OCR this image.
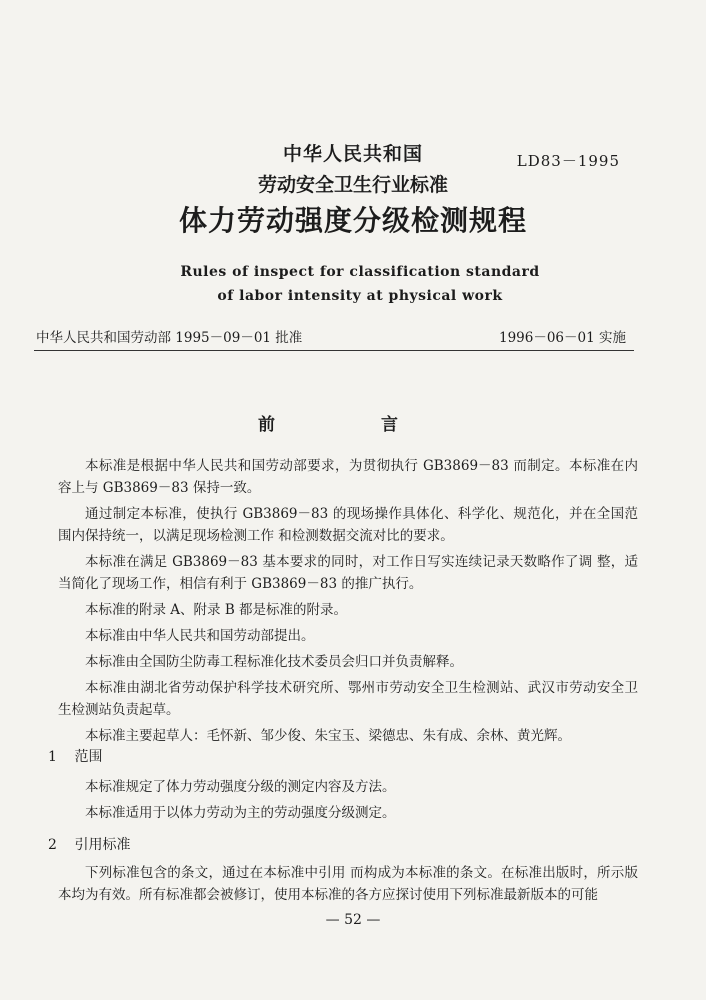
LD83－1995
中华人民共和国
劳动安全卫生行业标准
体力劳动强度分级检测规程
Rules of inspect for classification standard
of labor intensity at physical work
中华人民共和国劳动部 1995－09－01 批准	1996－06－01 实施
前 言

本标准是根据中华人民共和国劳动部要求，为贯彻执行 GB3869－83 而制定。本标准在内容上与 GB3869－83 保持一致。

通过制定本标准，使执行 GB3869－83 的现场操作具体化、科学化、规范化，并在全国范围内保持统一，以满足现场检测工作 和检测数据交流对比的要求。

本标准在满足 GB3869－83 基本要求的同时，对工作日写实连续记录天数略作了调 整，适当简化了现场工作，相信有利于 GB3869－83 的推广执行。

本标准的附录 A、附录 B 都是标准的附录。

本标准由中华人民共和国劳动部提出。

本标准由全国防尘防毒工程标准化技术委员会归口并负责解释。

本标准由湖北省劳动保护科学技术研究所、鄂州市劳动安全卫生检测站、武汉市劳动安全卫生检测站负责起草。

本标准主要起草人：毛怀新、邹少俊、朱宝玉、梁德忠、朱有成、余林、黄光辉。

1 范围

本标准规定了体力劳动强度分级的测定内容及方法。

本标准适用于以体力劳动为主的劳动强度分级测定。

2 引用标准

下列标准包含的条文，通过在本标准中引用 而构成为本标准的条文。在标准出版时，所示版本均为有效。所有标准都会被修订，使用本标准的各方应探讨使用下列标准最新版本的可能

— 52 —
